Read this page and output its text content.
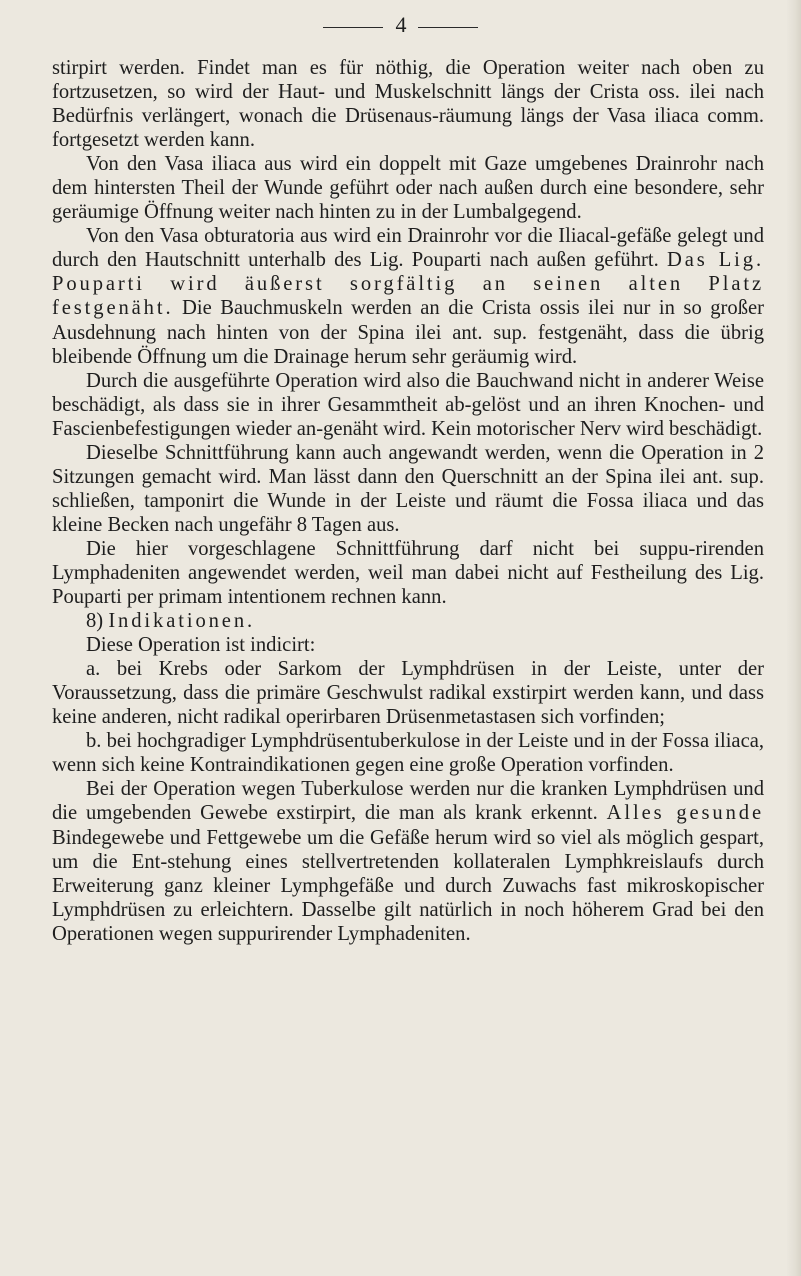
4

stirpirt werden. Findet man es für nöthig, die Operation weiter nach oben zu fortzusetzen, so wird der Haut- und Muskelschnitt längs der Crista oss. ilei nach Bedürfnis verlängert, wonach die Drüsenaus-räumung längs der Vasa iliaca comm. fortgesetzt werden kann.

Von den Vasa iliaca aus wird ein doppelt mit Gaze umgebenes Drainrohr nach dem hintersten Theil der Wunde geführt oder nach außen durch eine besondere, sehr geräumige Öffnung weiter nach hinten zu in der Lumbalgegend.

Von den Vasa obturatoria aus wird ein Drainrohr vor die Iliacal-gefäße gelegt und durch den Hautschnitt unterhalb des Lig. Pouparti nach außen geführt. Das Lig. Pouparti wird äußerst sorgfältig an seinen alten Platz festgenäht. Die Bauchmuskeln werden an die Crista ossis ilei nur in so großer Ausdehnung nach hinten von der Spina ilei ant. sup. festgenäht, dass die übrig bleibende Öffnung um die Drainage herum sehr geräumig wird.

Durch die ausgeführte Operation wird also die Bauchwand nicht in anderer Weise beschädigt, als dass sie in ihrer Gesammtheit ab-gelöst und an ihren Knochen- und Fascienbefestigungen wieder an-genäht wird. Kein motorischer Nerv wird beschädigt.

Dieselbe Schnittführung kann auch angewandt werden, wenn die Operation in 2 Sitzungen gemacht wird. Man lässt dann den Querschnitt an der Spina ilei ant. sup. schließen, tamponirt die Wunde in der Leiste und räumt die Fossa iliaca und das kleine Becken nach ungefähr 8 Tagen aus.

Die hier vorgeschlagene Schnittführung darf nicht bei suppu-rirenden Lymphadeniten angewendet werden, weil man dabei nicht auf Festheilung des Lig. Pouparti per primam intentionem rechnen kann.

8) Indikationen.

Diese Operation ist indicirt:

a. bei Krebs oder Sarkom der Lymphdrüsen in der Leiste, unter der Voraussetzung, dass die primäre Geschwulst radikal exstirpirt werden kann, und dass keine anderen, nicht radikal operirbaren Drüsenmetastasen sich vorfinden;

b. bei hochgradiger Lymphdrüsentuberkulose in der Leiste und in der Fossa iliaca, wenn sich keine Kontraindikationen gegen eine große Operation vorfinden.

Bei der Operation wegen Tuberkulose werden nur die kranken Lymphdrüsen und die umgebenden Gewebe exstirpirt, die man als krank erkennt. Alles gesunde Bindegewebe und Fettgewebe um die Gefäße herum wird so viel als möglich gespart, um die Ent-stehung eines stellvertretenden kollateralen Lymphkreislaufs durch Erweiterung ganz kleiner Lymphgefäße und durch Zuwachs fast mikroskopischer Lymphdrüsen zu erleichtern. Dasselbe gilt natürlich in noch höherem Grad bei den Operationen wegen suppurirender Lymphadeniten.
